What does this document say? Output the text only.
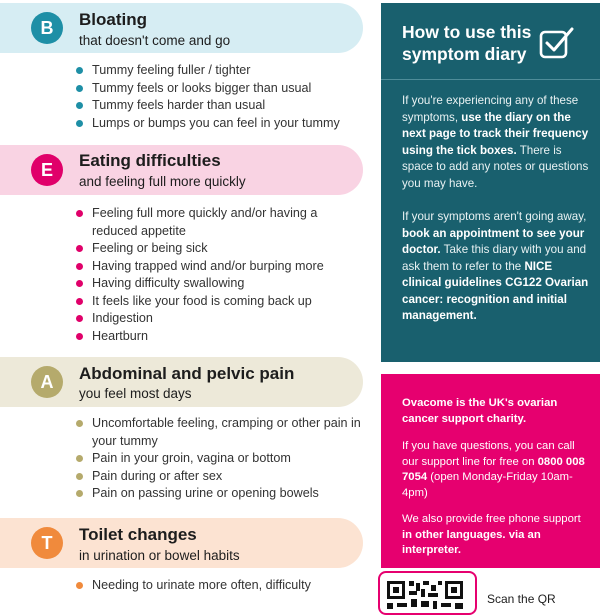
B	Bloating
that doesn't come and go
Tummy feeling fuller / tighter
Tummy feels or looks bigger than usual
Tummy feels harder than usual
Lumps or bumps you can feel in your tummy
E	Eating difficulties
and feeling full more quickly
Feeling full more quickly and/or having a reduced appetite
Feeling or being sick
Having trapped wind and/or burping more
Having difficulty swallowing
It feels like your food is coming back up
Indigestion
Heartburn
A	Abdominal and pelvic pain
you feel most days
Uncomfortable feeling, cramping or other pain in your tummy
Pain in your groin, vagina or bottom
Pain during or after sex
Pain on passing urine or opening bowels
T	Toilet changes
in urination or bowel habits
Needing to urinate more often, difficulty
How to use this symptom diary
If you're experiencing any of these symptoms, use the diary on the next page to track their frequency using the tick boxes. There is space to add any notes or questions you may have.
If your symptoms aren't going away, book an appointment to see your doctor. Take this diary with you and ask them to refer to the NICE clinical guidelines CG122 Ovarian cancer: recognition and initial management.
Ovacome is the UK's ovarian cancer support charity.
If you have questions, you can call our support line for free on 0800 008 7054 (open Monday-Friday 10am-4pm)
We also provide free phone support in other languages. via an interpreter.
Scan the QR
